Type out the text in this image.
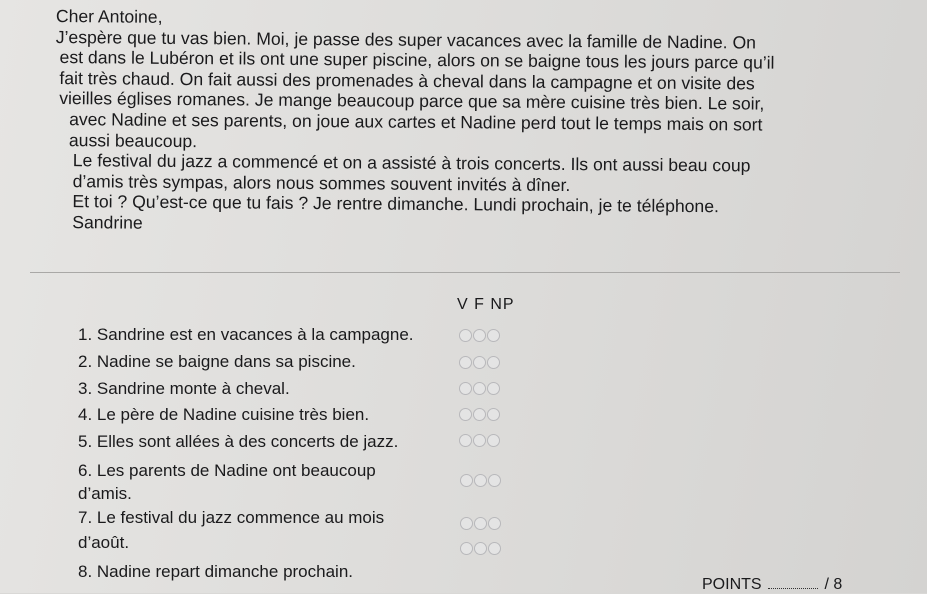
Cher Antoine,

J’espère que tu vas bien. Moi, je passe des super vacances avec la famille de Nadine. On

est dans le Lubéron et ils ont une super piscine, alors on se baigne tous les jours parce qu’il

fait très chaud. On fait aussi des promenades à cheval dans la campagne et on visite des

vieilles églises romanes. Je mange beaucoup parce que sa mère cuisine très bien. Le soir,

avec Nadine et ses parents, on joue aux cartes et Nadine perd tout le temps mais on sort

aussi beaucoup.

Le festival du jazz a commencé et on a assisté à trois concerts. Ils ont aussi beau coup

d’amis très sympas, alors nous sommes souvent invités à dîner.

Et toi ? Qu’est-ce que tu fais ? Je rentre dimanche. Lundi prochain, je te téléphone.

Sandrine

V F NP
1. Sandrine est en vacances à la campagne.
2. Nadine se baigne dans sa piscine.
3. Sandrine monte à cheval.
4. Le père de Nadine cuisine très bien.
5. Elles sont allées à des concerts de jazz.
6. Les parents de Nadine ont beaucoup
d’amis.
7. Le festival du jazz commence au mois
d’août.
8. Nadine repart dimanche prochain.
POINTS	/ 8
